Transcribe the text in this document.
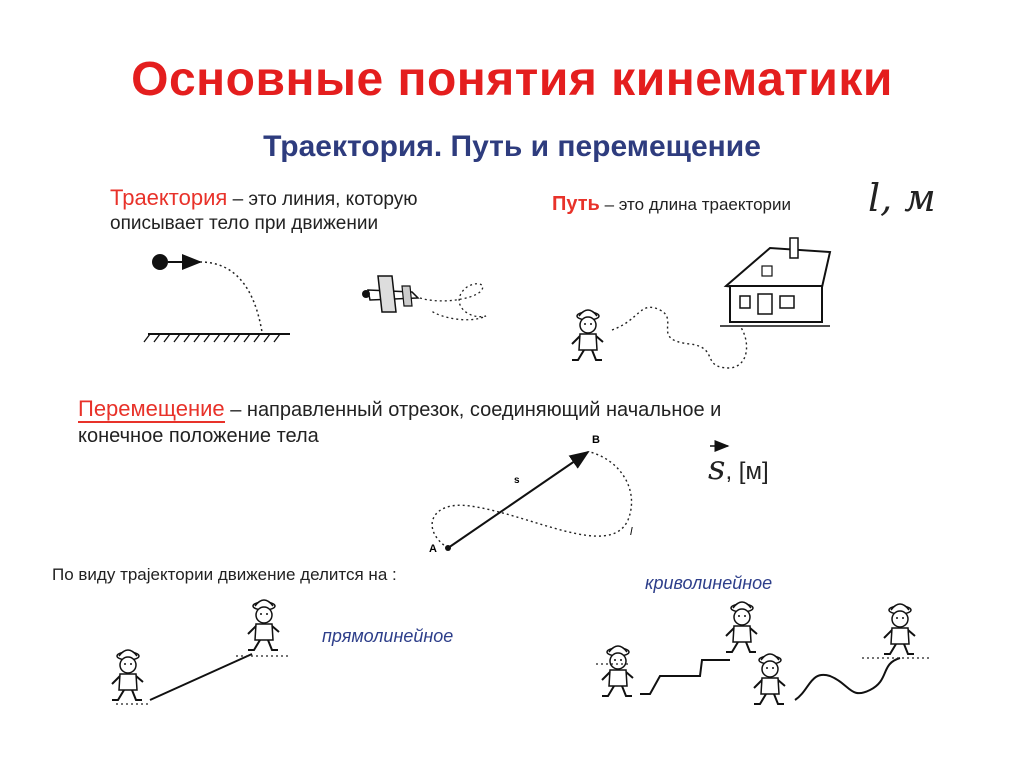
Основные понятия кинематики
Траектория. Путь и перемещение
Траектория – это линия, которую
описывает тело при движении
Путь – это длина траектории l, м
Перемещение – направленный отрезок, соединяющий начальное и
конечное положение тела
s, [м]
По виду трајектории движение делится на :
прямолинейное
криволинейное
A
B
s
l
